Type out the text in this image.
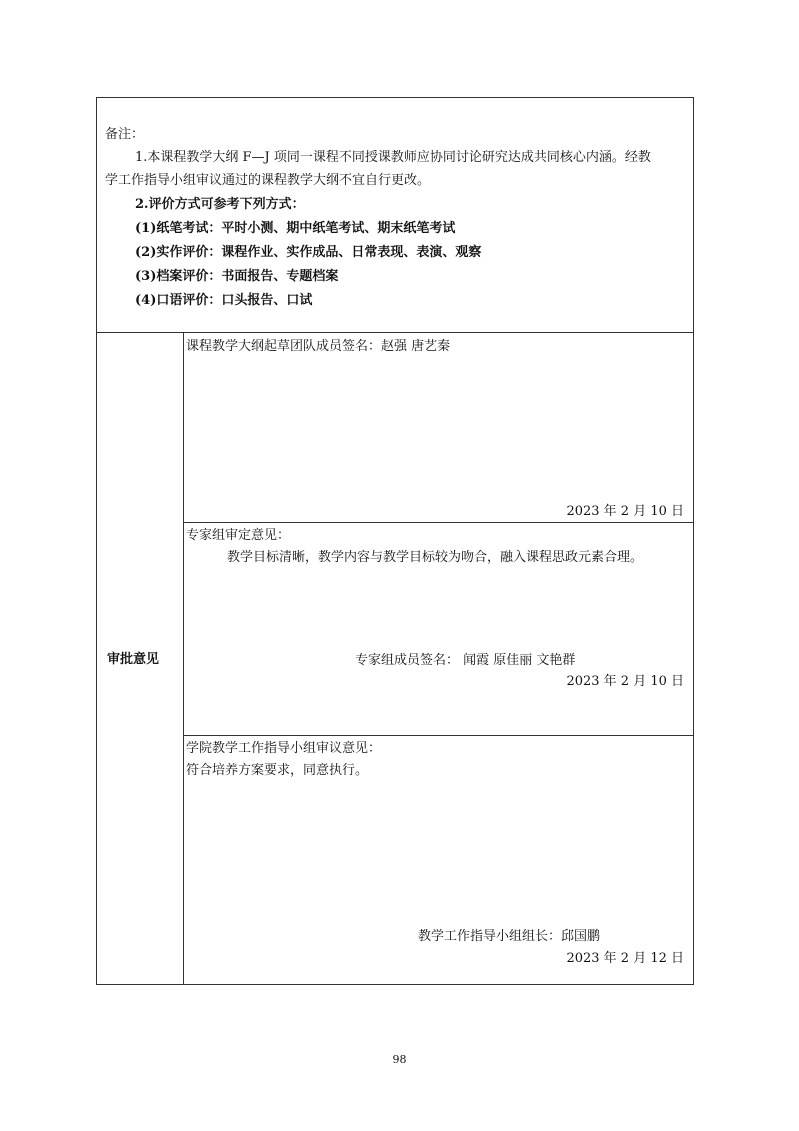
备注：
1.本课程教学大纲 F—J 项同一课程不同授课教师应协同讨论研究达成共同核心内涵。经教
学工作指导小组审议通过的课程教学大纲不宜自行更改。
2.评价方式可参考下列方式：
(1)纸笔考试：平时小测、期中纸笔考试、期末纸笔考试
(2)实作评价：课程作业、实作成品、日常表现、表演、观察
(3)档案评价：书面报告、专题档案
(4)口语评价：口头报告、口试
审批意见
课程教学大纲起草团队成员签名：赵强 唐艺秦
2023 年 2 月 10 日
专家组审定意见：
教学目标清晰，教学内容与教学目标较为吻合，融入课程思政元素合理。
专家组成员签名： 闻霞 原佳丽 文艳群
2023 年 2 月 10 日
学院教学工作指导小组审议意见：
符合培养方案要求，同意执行。
教学工作指导小组组长：邱国鹏
2023 年 2 月 12 日
98
